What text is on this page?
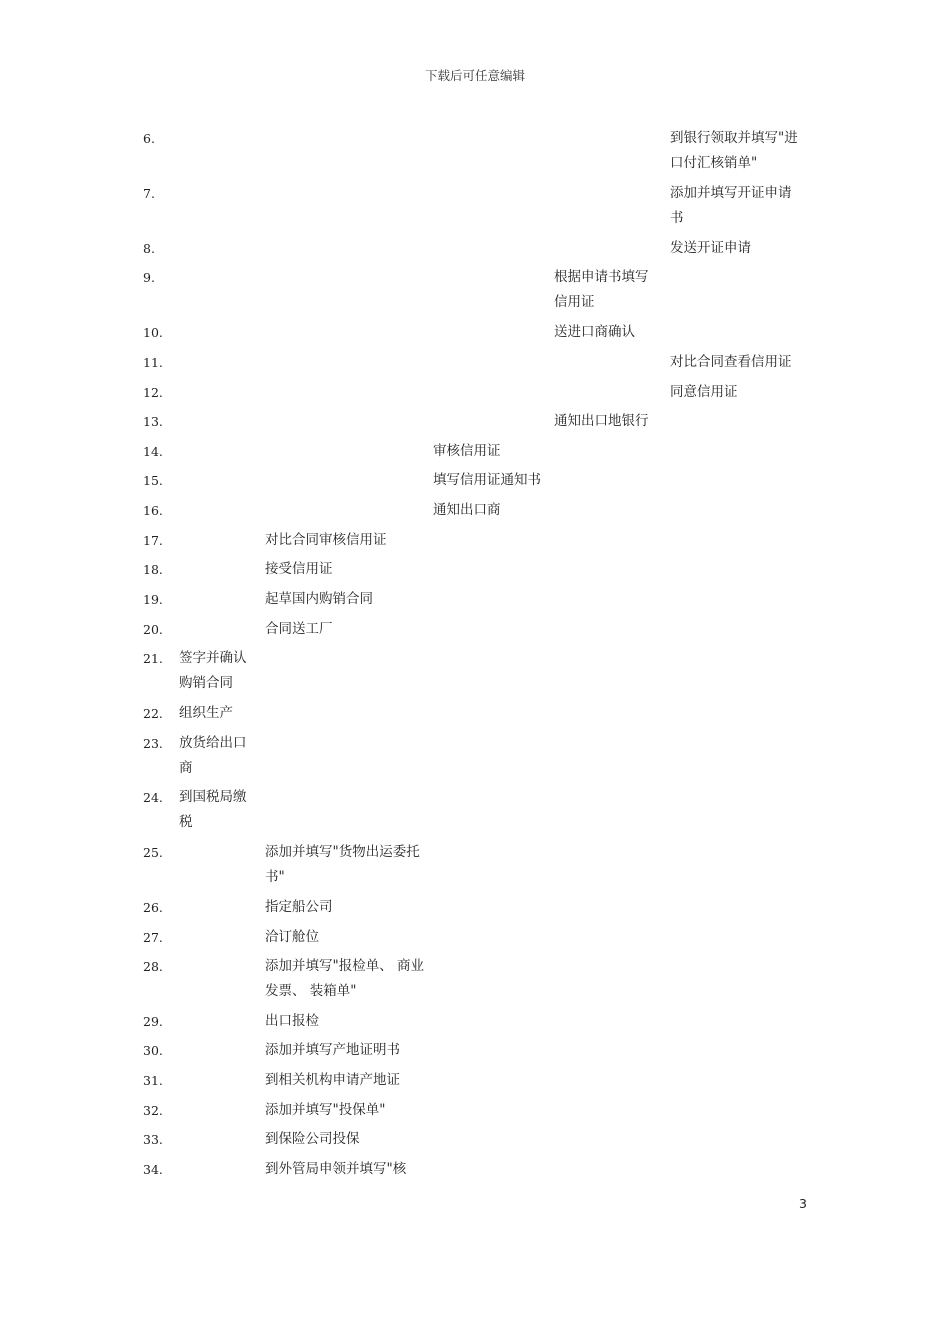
下载后可任意编辑
6.	到银行领取并填写"进口付汇核销单"
7.	添加并填写开证申请书
8.	发送开证申请
9.	根据申请书填写信用证
10.	送进口商确认
11.	对比合同查看信用证
12.	同意信用证
13.	通知出口地银行
14.	审核信用证
15.	填写信用证通知书
16.	通知出口商
17.	对比合同审核信用证
18.	接受信用证
19.	起草国内购销合同
20.	合同送工厂
21. 签字并确认购销合同
22. 组织生产
23. 放货给出口商
24. 到国税局缴税
25.	添加并填写"货物出运委托书"
26.	指定船公司
27.	洽订舱位
28.	添加并填写"报检单、 商业发票、 装箱单"
29.	出口报检
30.	添加并填写产地证明书
31.	到相关机构申请产地证
32.	添加并填写"投保单"
33.	到保险公司投保
34.	到外管局申领并填写"核
3
